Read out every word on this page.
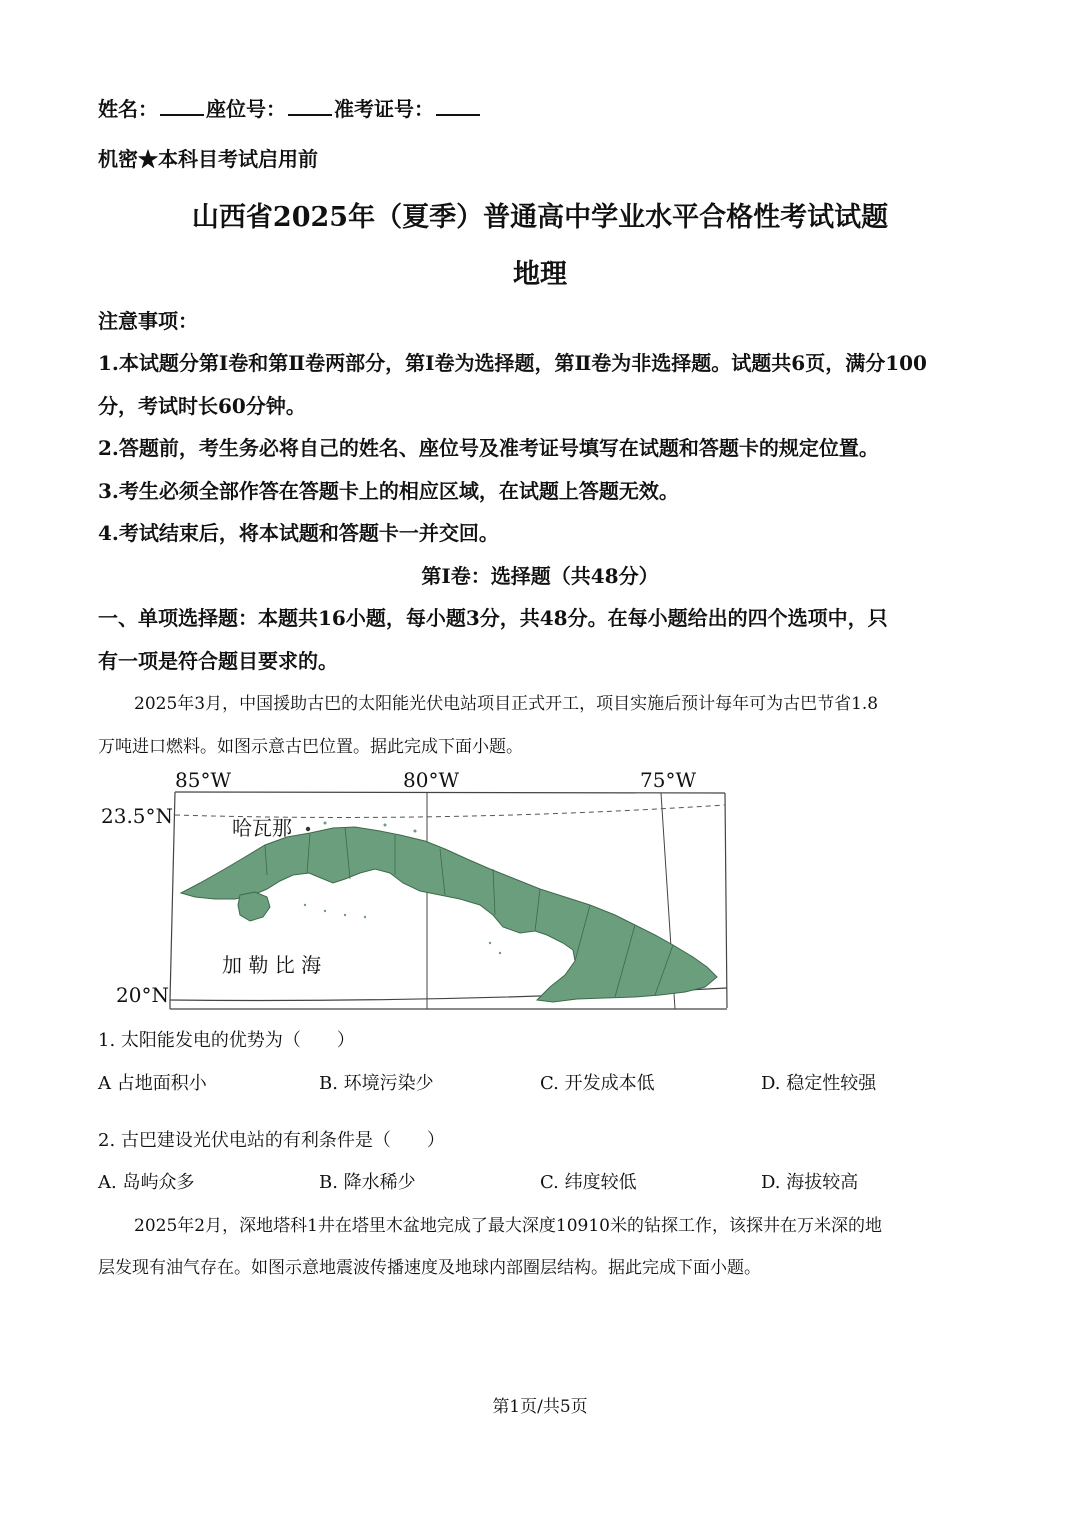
姓名： 座位号： 准考证号：
机密★本科目考试启用前
山西省2025年（夏季）普通高中学业水平合格性考试试题
地理
注意事项：
1.本试题分第Ⅰ卷和第Ⅱ卷两部分，第Ⅰ卷为选择题，第Ⅱ卷为非选择题。试题共6页，满分100
分，考试时长60分钟。
2.答题前，考生务必将自己的姓名、座位号及准考证号填写在试题和答题卡的规定位置。
3.考生必须全部作答在答题卡上的相应区域，在试题上答题无效。
4.考试结束后，将本试题和答题卡一并交回。
第Ⅰ卷：选择题（共48分）
一、单项选择题：本题共16小题，每小题3分，共48分。在每小题给出的四个选项中，只
有一项是符合题目要求的。
2025年3月，中国援助古巴的太阳能光伏电站项目正式开工，项目实施后预计每年可为古巴节省1.8
万吨进口燃料。如图示意古巴位置。据此完成下面小题。
85°W	80°W	75°W
23.5°N
20°N
哈瓦那
加 勒 比 海
1. 太阳能发电的优势为（　　）
A 占地面积小	B. 环境污染少	C. 开发成本低	D. 稳定性较强
2. 古巴建设光伏电站的有利条件是（　　）
A. 岛屿众多	B. 降水稀少	C. 纬度较低	D. 海拔较高
2025年2月，深地塔科1井在塔里木盆地完成了最大深度10910米的钻探工作，该探井在万米深的地
层发现有油气存在。如图示意地震波传播速度及地球内部圈层结构。据此完成下面小题。
第1页/共5页
